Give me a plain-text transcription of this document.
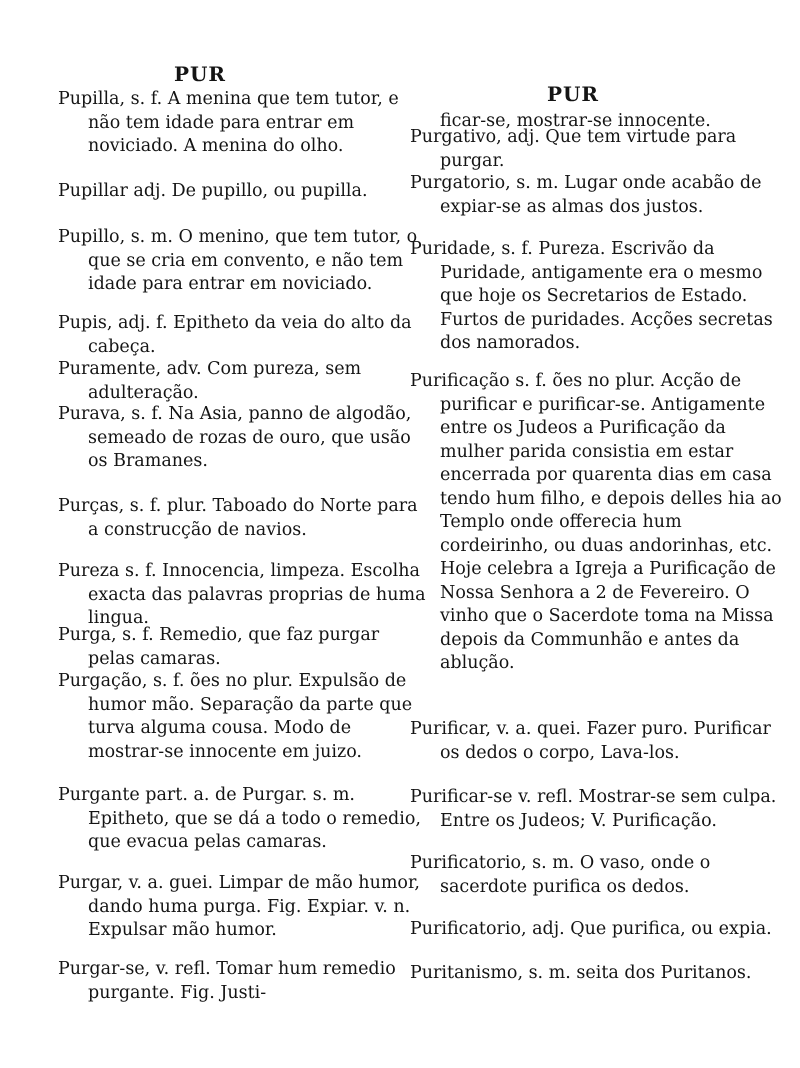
PUR
PUR

Pupilla, s. f. A menina que tem tutor, e não tem idade para entrar em noviciado. A menina do olho.

Pupillar adj. De pupillo, ou pupilla.

Pupillo, s. m. O menino, que tem tutor, o que se cria em convento, e não tem idade para entrar em noviciado.

Pupis, adj. f. Epitheto da veia do alto da cabeça.

Puramente, adv. Com pureza, sem adulteração.

Purava, s. f. Na Asia, panno de algodão, semeado de rozas de ouro, que usão os Bramanes.

Purças, s. f. plur. Taboado do Norte para a construcção de navios.

Pureza s. f. Innocencia, limpeza. Escolha exacta das palavras proprias de huma lingua.

Purga, s. f. Remedio, que faz purgar pelas camaras.

Purgação, s. f. ões no plur. Expulsão de humor mão. Separação da parte que turva alguma cousa. Modo de mostrar-se innocente em juizo.

Purgante part. a. de Purgar. s. m. Epitheto, que se dá a todo o remedio, que evacua pelas camaras.

Purgar, v. a. guei. Limpar de mão humor, dando huma purga. Fig. Expiar. v. n. Expulsar mão humor.

Purgar-se, v. refl. Tomar hum remedio purgante. Fig. Justi-

ficar-se, mostrar-se innocente.

Purgativo, adj. Que tem virtude para purgar.

Purgatorio, s. m. Lugar onde acabão de expiar-se as almas dos justos.

Puridade, s. f. Pureza. Escrivão da Puridade, antigamente era o mesmo que hoje os Secretarios de Estado. Furtos de puridades. Acções secretas dos namorados.

Purificação s. f. ões no plur. Acção de purificar e purificar-se. Antigamente entre os Judeos a Purificação da mulher parida consistia em estar encerrada por quarenta dias em casa tendo hum filho, e depois delles hia ao Templo onde offerecia hum cordeirinho, ou duas andorinhas, etc. Hoje celebra a Igreja a Purificação de Nossa Senhora a 2 de Fevereiro. O vinho que o Sacerdote toma na Missa depois da Communhão e antes da ablução.

Purificar, v. a. quei. Fazer puro. Purificar os dedos o corpo, Lava-los.

Purificar-se v. refl. Mostrar-se sem culpa. Entre os Judeos; V. Purificação.

Purificatorio, s. m. O vaso, onde o sacerdote purifica os dedos.

Purificatorio, adj. Que purifica, ou expia.

Puritanismo, s. m. seita dos Puritanos.
